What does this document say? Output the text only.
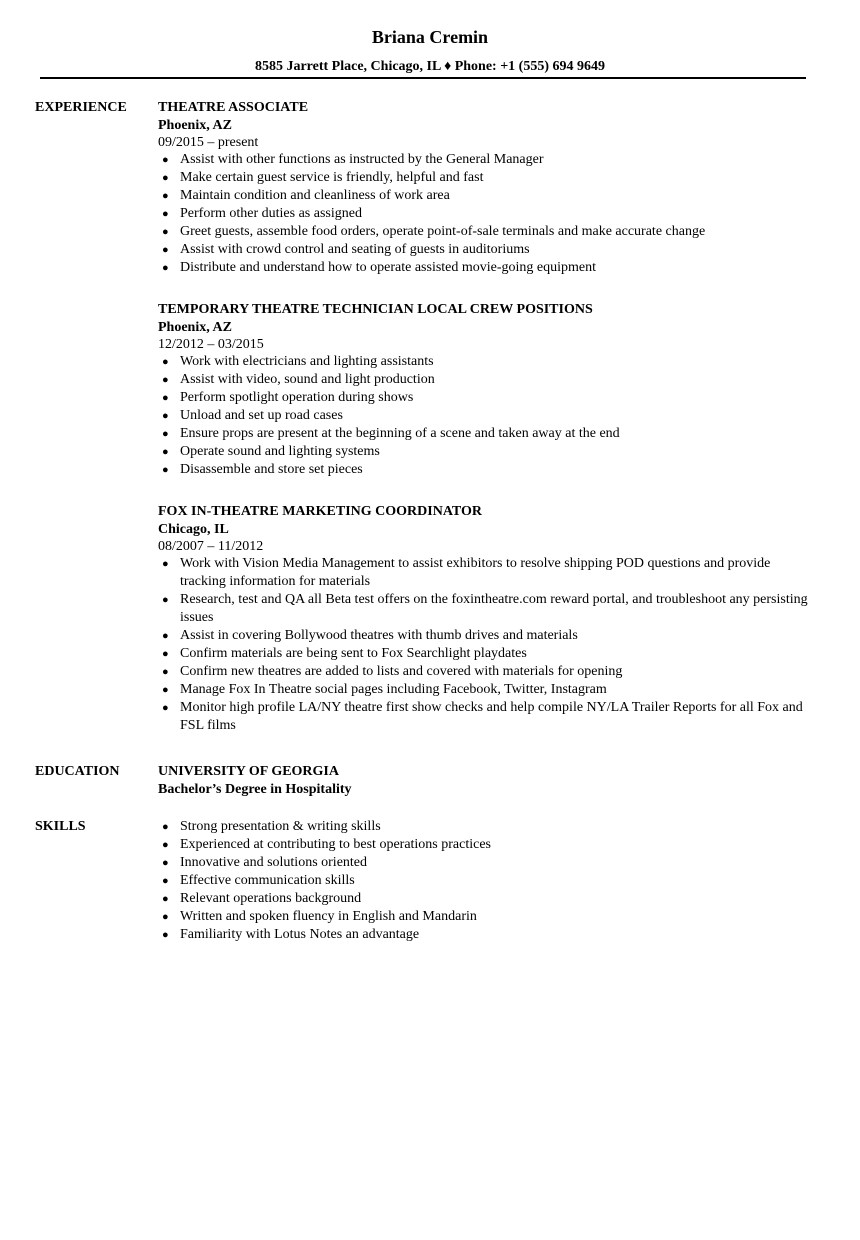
Briana Cremin
8585 Jarrett Place, Chicago, IL ♦ Phone: +1 (555) 694 9649
EXPERIENCE	THEATRE ASSOCIATE
Phoenix, AZ
09/2015 – present
● Assist with other functions as instructed by the General Manager
● Make certain guest service is friendly, helpful and fast
● Maintain condition and cleanliness of work area
● Perform other duties as assigned
● Greet guests, assemble food orders, operate point-of-sale terminals and make accurate change
● Assist with crowd control and seating of guests in auditoriums
● Distribute and understand how to operate assisted movie-going equipment
TEMPORARY THEATRE TECHNICIAN LOCAL CREW POSITIONS
Phoenix, AZ
12/2012 – 03/2015
● Work with electricians and lighting assistants
● Assist with video, sound and light production
● Perform spotlight operation during shows
● Unload and set up road cases
● Ensure props are present at the beginning of a scene and taken away at the end
● Operate sound and lighting systems
● Disassemble and store set pieces
FOX IN-THEATRE MARKETING COORDINATOR
Chicago, IL
08/2007 – 11/2012
● Work with Vision Media Management to assist exhibitors to resolve shipping POD questions and provide tracking information for materials
● Research, test and QA all Beta test offers on the foxintheatre.com reward portal, and troubleshoot any persisting issues
● Assist in covering Bollywood theatres with thumb drives and materials
● Confirm materials are being sent to Fox Searchlight playdates
● Confirm new theatres are added to lists and covered with materials for opening
● Manage Fox In Theatre social pages including Facebook, Twitter, Instagram
● Monitor high profile LA/NY theatre first show checks and help compile NY/LA Trailer Reports for all Fox and FSL films
EDUCATION	UNIVERSITY OF GEORGIA
Bachelor’s Degree in Hospitality
SKILLS	● Strong presentation & writing skills
● Experienced at contributing to best operations practices
● Innovative and solutions oriented
● Effective communication skills
● Relevant operations background
● Written and spoken fluency in English and Mandarin
● Familiarity with Lotus Notes an advantage
